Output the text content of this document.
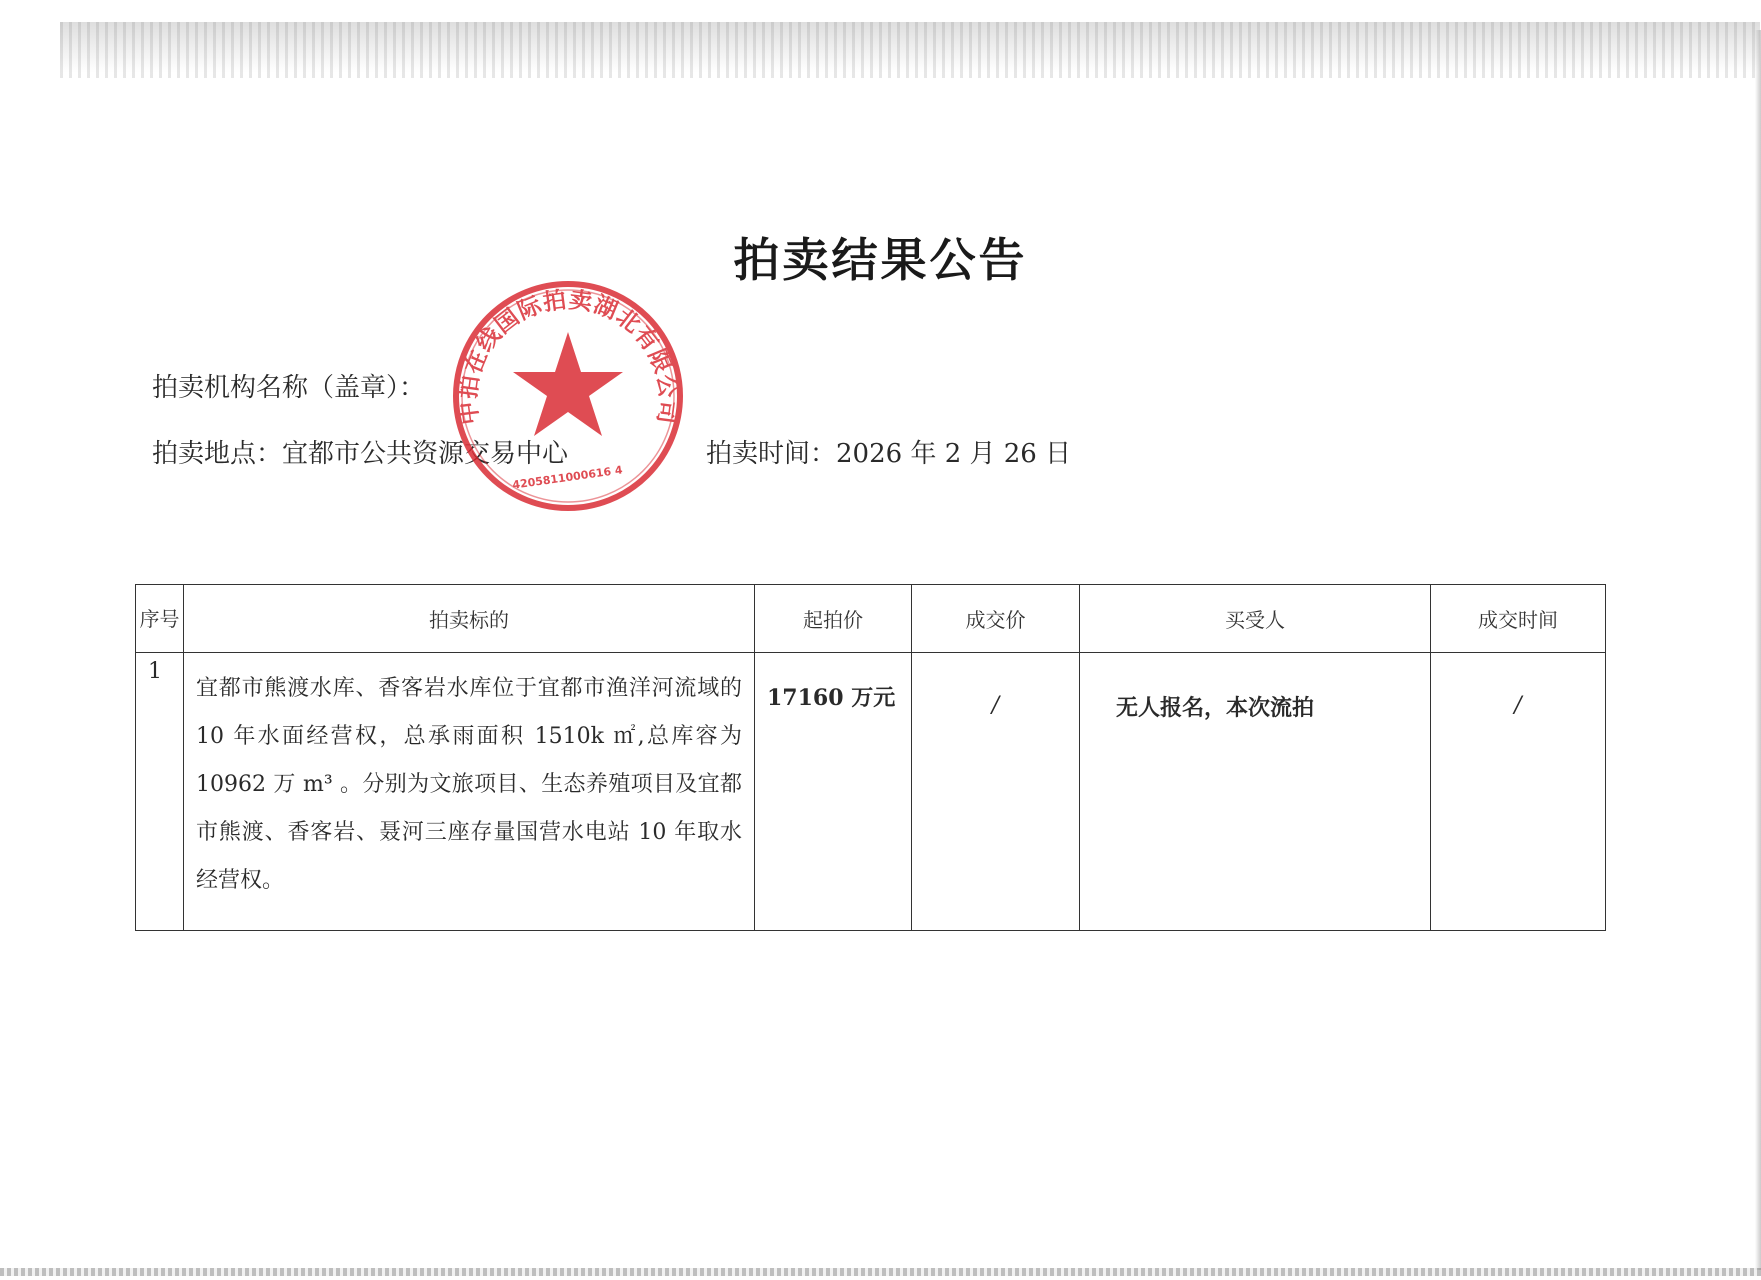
拍卖结果公告
拍卖机构名称（盖章）：
拍卖地点：宜都市公共资源交易中心	拍卖时间：2026 年 2 月 26 日
中拍在线国际拍卖湖北有限公司
4205811000616 4
序号	拍卖标的	起拍价	成交价	买受人	成交时间
1	宜都市熊渡水库、香客岩水库位于宜都市渔洋河流域的 10 年水面经营权，总承雨面积 1510k ㎡,总库容为 10962 万 m³ 。分别为文旅项目、生态养殖项目及宜都市熊渡、香客岩、聂河三座存量国营水电站 10 年取水经营权。	17160 万元	/	无人报名，本次流拍	/
